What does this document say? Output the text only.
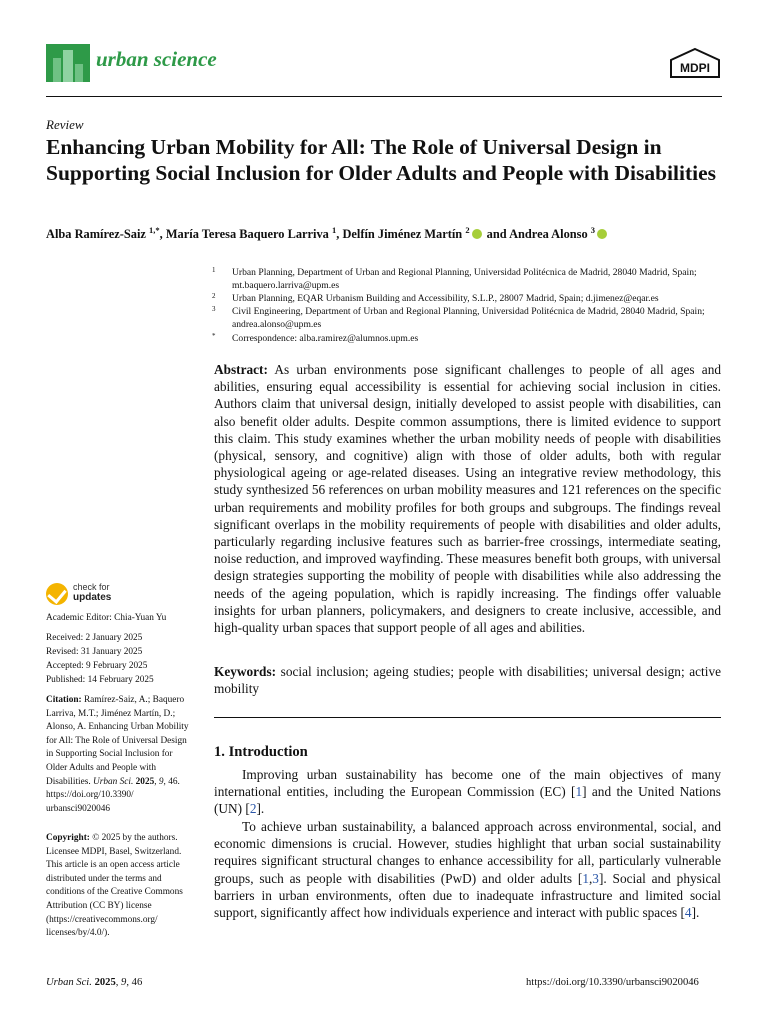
urban science	MDPI
Review
Enhancing Urban Mobility for All: The Role of Universal Design in Supporting Social Inclusion for Older Adults and People with Disabilities
Alba Ramírez-Saiz $^{1,*}$, María Teresa Baquero Larriva $^1$, Delfín Jiménez Martín $^2$ and Andrea Alonso $^3$
1 Urban Planning, Department of Urban and Regional Planning, Universidad Politécnica de Madrid, 28040 Madrid, Spain; mt.baquero.larriva@upm.es
2 Urban Planning, EQAR Urbanism Building and Accessibility, S.L.P., 28007 Madrid, Spain; d.jimenez@eqar.es
3 Civil Engineering, Department of Urban and Regional Planning, Universidad Politécnica de Madrid, 28040 Madrid, Spain; andrea.alonso@upm.es
* Correspondence: alba.ramirez@alumnos.upm.es
Abstract: As urban environments pose significant challenges to people of all ages and abilities, ensuring equal accessibility is essential for achieving social inclusion in cities. Authors claim that universal design, initially developed to assist people with disabilities, can also benefit older adults. Despite common assumptions, there is limited evidence to support this claim. This study examines whether the urban mobility needs of people with disabilities (physical, sensory, and cognitive) align with those of older adults, both with regular physiological ageing or age-related diseases. Using an integrative review methodology, this study synthesized 56 references on urban mobility measures and 121 references on the specific urban requirements and mobility profiles for both groups and subgroups. The findings reveal significant overlaps in the mobility requirements of people with disabilities and older adults, particularly regarding inclusive features such as barrier-free crossings, intermediate seating, noise reduction, and improved wayfinding. These measures benefit both groups, with universal design strategies supporting the mobility of people with disabilities while also addressing the needs of the ageing population, which is rapidly increasing. The findings offer valuable insights for urban planners, policymakers, and designers to create inclusive, accessible, and high-quality urban spaces that support people of all ages and abilities.
Keywords: social inclusion; ageing studies; people with disabilities; universal design; active mobility
1. Introduction
Improving urban sustainability has become one of the main objectives of many international entities, including the European Commission (EC) [1] and the United Nations (UN) [2].
To achieve urban sustainability, a balanced approach across environmental, social, and economic dimensions is crucial. However, studies highlight that urban social sustainability requires significant structural changes to enhance accessibility for all, particularly vulnerable groups, such as people with disabilities (PwD) and older adults [1,3]. Social and physical barriers in urban environments, often due to inadequate infrastructure and limited social support, significantly affect how individuals experience and interact with public spaces [4].
check for
updates
Academic Editor: Chia-Yuan Yu
Received: 2 January 2025
Revised: 31 January 2025
Accepted: 9 February 2025
Published: 14 February 2025
Citation: Ramírez-Saiz, A.; Baquero Larriva, M.T.; Jiménez Martín, D.; Alonso, A. Enhancing Urban Mobility for All: The Role of Universal Design in Supporting Social Inclusion for Older Adults and People with Disabilities. Urban Sci. 2025, 9, 46. https://doi.org/10.3390/ urbansci9020046
Copyright: © 2025 by the authors. Licensee MDPI, Basel, Switzerland. This article is an open access article distributed under the terms and conditions of the Creative Commons Attribution (CC BY) license (https://creativecommons.org/ licenses/by/4.0/).
Urban Sci. 2025, 9, 46	https://doi.org/10.3390/urbansci9020046
